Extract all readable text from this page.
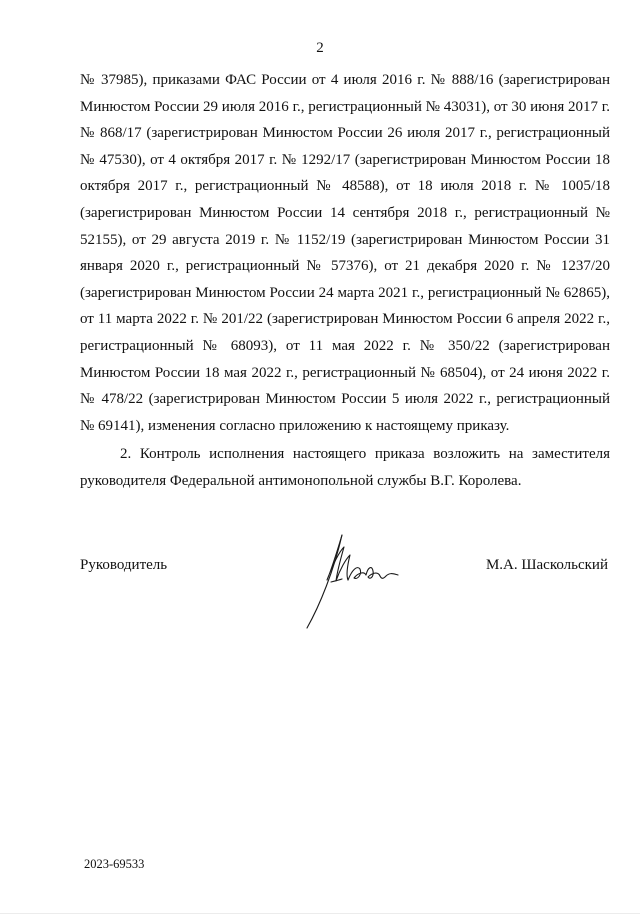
2

№ 37985), приказами ФАС России от 4 июля 2016 г. № 888/16 (зарегистрирован Минюстом России 29 июля 2016 г., регистрационный № 43031), от 30 июня 2017 г. № 868/17 (зарегистрирован Минюстом России 26 июля 2017 г., регистрационный № 47530), от 4 октября 2017 г. № 1292/17 (зарегистрирован Минюстом России 18 октября 2017 г., регистрационный № 48588), от 18 июля 2018 г. № 1005/18 (зарегистрирован Минюстом России 14 сентября 2018 г., регистрационный № 52155), от 29 августа 2019 г. № 1152/19 (зарегистрирован Минюстом России 31 января 2020 г., регистрационный № 57376), от 21 декабря 2020 г. № 1237/20 (зарегистрирован Минюстом России 24 марта 2021 г., регистрационный № 62865), от 11 марта 2022 г. № 201/22 (зарегистрирован Минюстом России 6 апреля 2022 г., регистрационный № 68093), от 11 мая 2022 г. № 350/22 (зарегистрирован Минюстом России 18 мая 2022 г., регистрационный № 68504), от 24 июня 2022 г. № 478/22 (зарегистрирован Минюстом России 5 июля 2022 г., регистрационный № 69141), изменения согласно приложению к настоящему приказу.

2. Контроль исполнения настоящего приказа возложить на заместителя руководителя Федеральной антимонопольной службы В.Г. Королева.

Руководитель	М.А. Шаскольский
2023-69533
